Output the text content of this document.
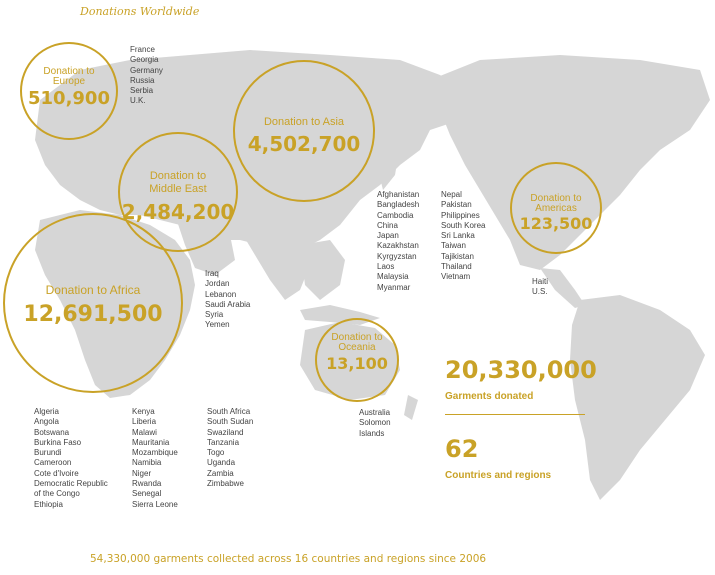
Donations Worldwide
Donation to
Europe
510,900
France
Georgia
Germany
Russia
Serbia
U.K.
Donation to Asia
4,502,700
Donation to
Middle East
2,484,200
Iraq
Jordan
Lebanon
Saudi Arabia
Syria
Yemen
Afghanistan
Bangladesh
Cambodia
China
Japan
Kazakhstan
Kyrgyzstan
Laos
Malaysia
Myanmar
Nepal
Pakistan
Philippines
South Korea
Sri Lanka
Taiwan
Tajikistan
Thailand
Vietnam
Donation to
Americas
123,500
Haiti
U.S.
Donation to Africa
12,691,500
Algeria
Angola
Botswana
Burkina Faso
Burundi
Cameroon
Cote d'Ivoire
Democratic Republic
of the Congo
Ethiopia
Kenya
Liberia
Malawi
Mauritania
Mozambique
Namibia
Niger
Rwanda
Senegal
Sierra Leone
South Africa
South Sudan
Swaziland
Tanzania
Togo
Uganda
Zambia
Zimbabwe
Donation to
Oceania
13,100
Australia
Solomon
Islands
20,330,000
Garments donated
62
Countries and regions
54,330,000 garments collected across 16 countries and regions since 2006
